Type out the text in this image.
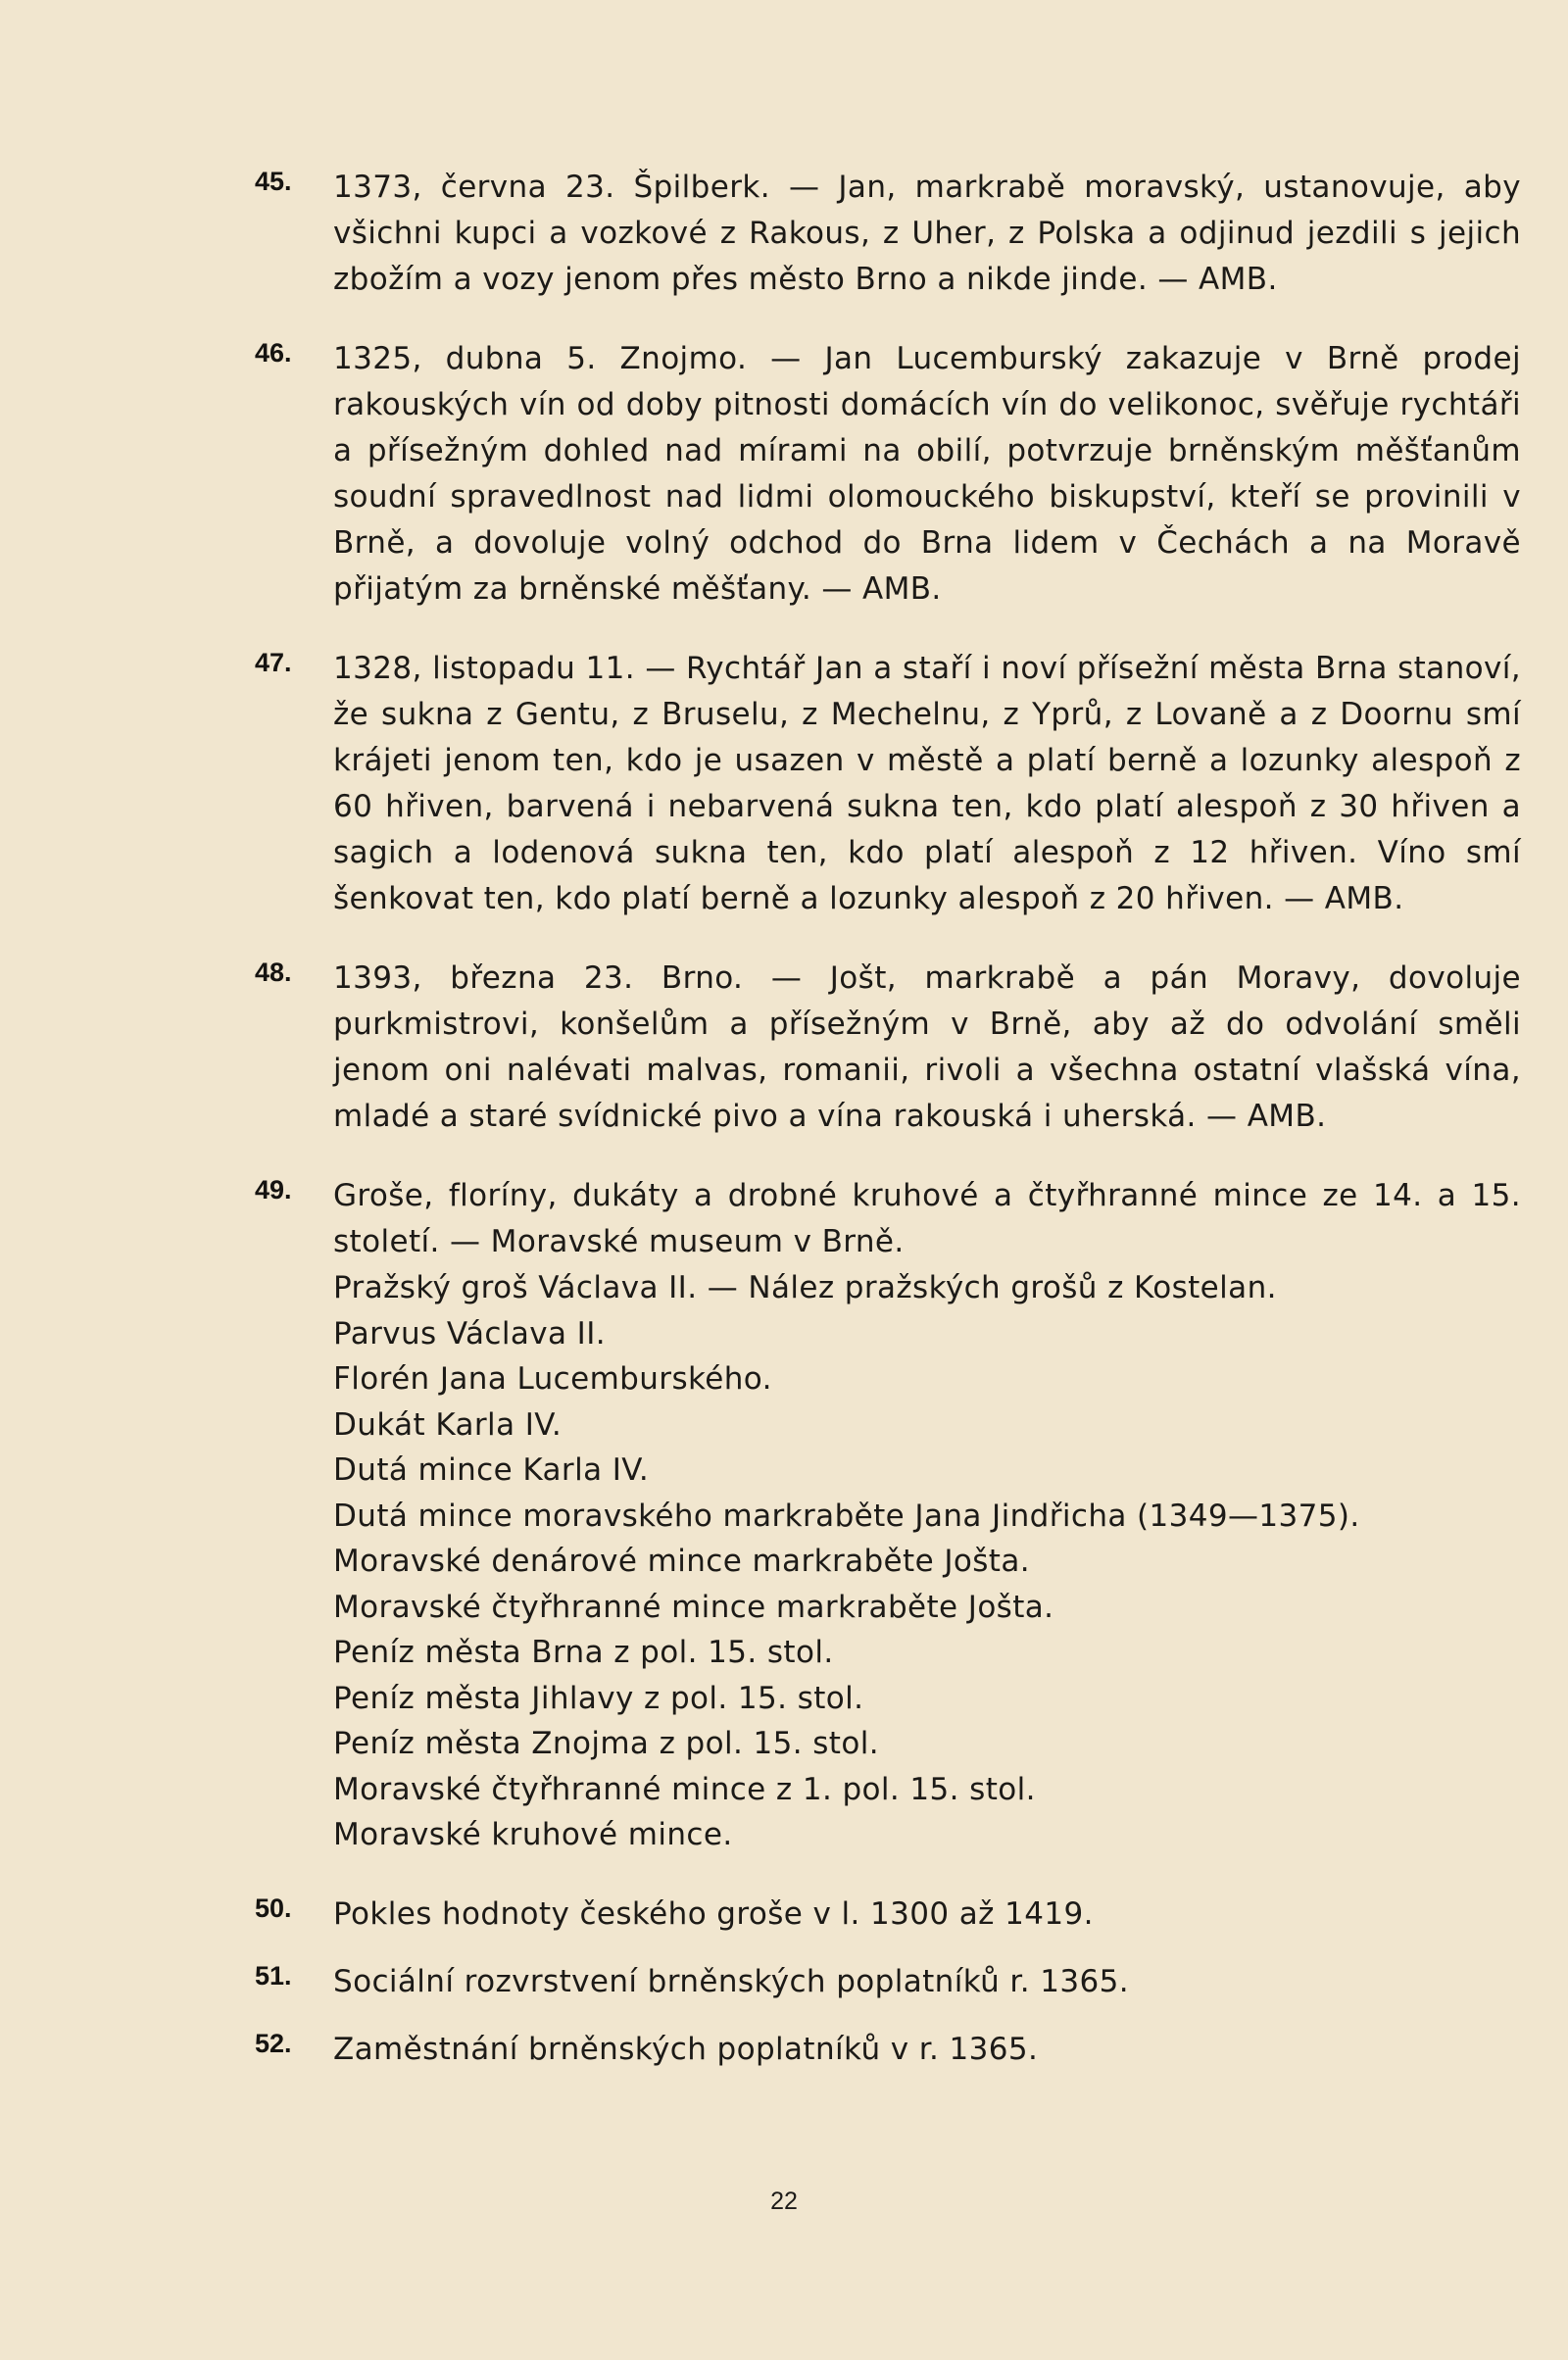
45. 1373, června 23. Špilberk. — Jan, markrabě moravský, ustanovuje, aby všichni kupci a vozkové z Rakous, z Uher, z Polska a odjinud jezdili s jejich zbožím a vozy jenom přes město Brno a nikde jinde. — AMB.
46. 1325, dubna 5. Znojmo. — Jan Lucemburský zakazuje v Brně prodej rakouských vín od doby pitnosti domácích vín do velikonoc, svěřuje rychtáři a přísežným dohled nad mírami na obilí, potvrzuje brněnským měšťanům soudní spravedlnost nad lidmi olomouckého biskupství, kteří se provinili v Brně, a dovoluje volný odchod do Brna lidem v Čechách a na Moravě přijatým za brněnské měšťany. — AMB.
47. 1328, listopadu 11. — Rychtář Jan a staří i noví přísežní města Brna stanoví, že sukna z Gentu, z Bruselu, z Mechelnu, z Yprů, z Lovaně a z Doornu smí krájeti jenom ten, kdo je usazen v městě a platí berně a lozunky alespoň z 60 hřiven, barvená i nebarvená sukna ten, kdo platí alespoň z 30 hřiven a sagich a lodenová sukna ten, kdo platí alespoň z 12 hřiven. Víno smí šenkovat ten, kdo platí berně a lozunky alespoň z 20 hřiven. — AMB.
48. 1393, března 23. Brno. — Jošt, markrabě a pán Moravy, dovoluje purkmistrovi, konšelům a přísežným v Brně, aby až do odvolání směli jenom oni nalévati malvas, romanii, rivoli a všechna ostatní vlašská vína, mladé a staré svídnické pivo a vína rakouská i uherská. — AMB.
49. Groše, floríny, dukáty a drobné kruhové a čtyřhranné mince ze 14. a 15. století. — Moravské museum v Brně.
Pražský groš Václava II. — Nález pražských grošů z Kostelan.
Parvus Václava II.
Florén Jana Lucemburského.
Dukát Karla IV.
Dutá mince Karla IV.
Dutá mince moravského markraběte Jana Jindřicha (1349—1375).
Moravské denárové mince markraběte Jošta.
Moravské čtyřhranné mince markraběte Jošta.
Peníz města Brna z pol. 15. stol.
Peníz města Jihlavy z pol. 15. stol.
Peníz města Znojma z pol. 15. stol.
Moravské čtyřhranné mince z 1. pol. 15. stol.
Moravské kruhové mince.
50. Pokles hodnoty českého groše v l. 1300 až 1419.
51. Sociální rozvrstvení brněnských poplatníků r. 1365.
52. Zaměstnání brněnských poplatníků v r. 1365.
22
